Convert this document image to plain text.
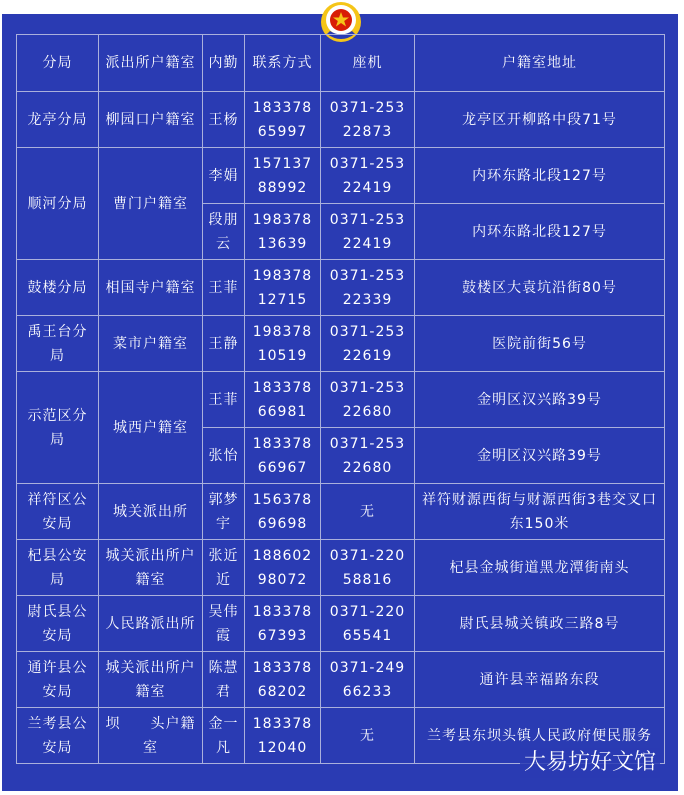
分局	派出所户籍室	内勤	联系方式	座机	户籍室地址
龙亭分局	柳园口户籍室	王杨	18337865997	0371-25322873	龙亭区开柳路中段71号
顺河分局	曹门户籍室	李娟	15713788992	0371-25322419	内环东路北段127号
		段朋云	19837813639	0371-25322419	内环东路北段127号
鼓楼分局	相国寺户籍室	王菲	19837812715	0371-25322339	鼓楼区大袁坑沿街80号
禹王台分局	菜市户籍室	王静	19837810519	0371-25322619	医院前街56号
示范区分局	城西户籍室	王菲	18337866981	0371-25322680	金明区汉兴路39号
		张怡	18337866967	0371-25322680	金明区汉兴路39号
祥符区公安局	城关派出所	郭梦宇	15637869698	无	祥符财源西街与财源西街3巷交叉口东150米
杞县公安局	城关派出所户籍室	张近近	18860298072	0371-22058816	杞县金城街道黑龙潭街南头
尉氏县公安局	人民路派出所	吴伟霞	18337867393	0371-22065541	尉氏县城关镇政三路8号
通许县公安局	城关派出所户籍室	陈慧君	18337868202	0371-24966233	通许县幸福路东段
兰考县公安局	坝　　头户籍室	金一凡	18337812040	无	兰考县东坝头镇人民政府便民服务
大易坊好文馆
